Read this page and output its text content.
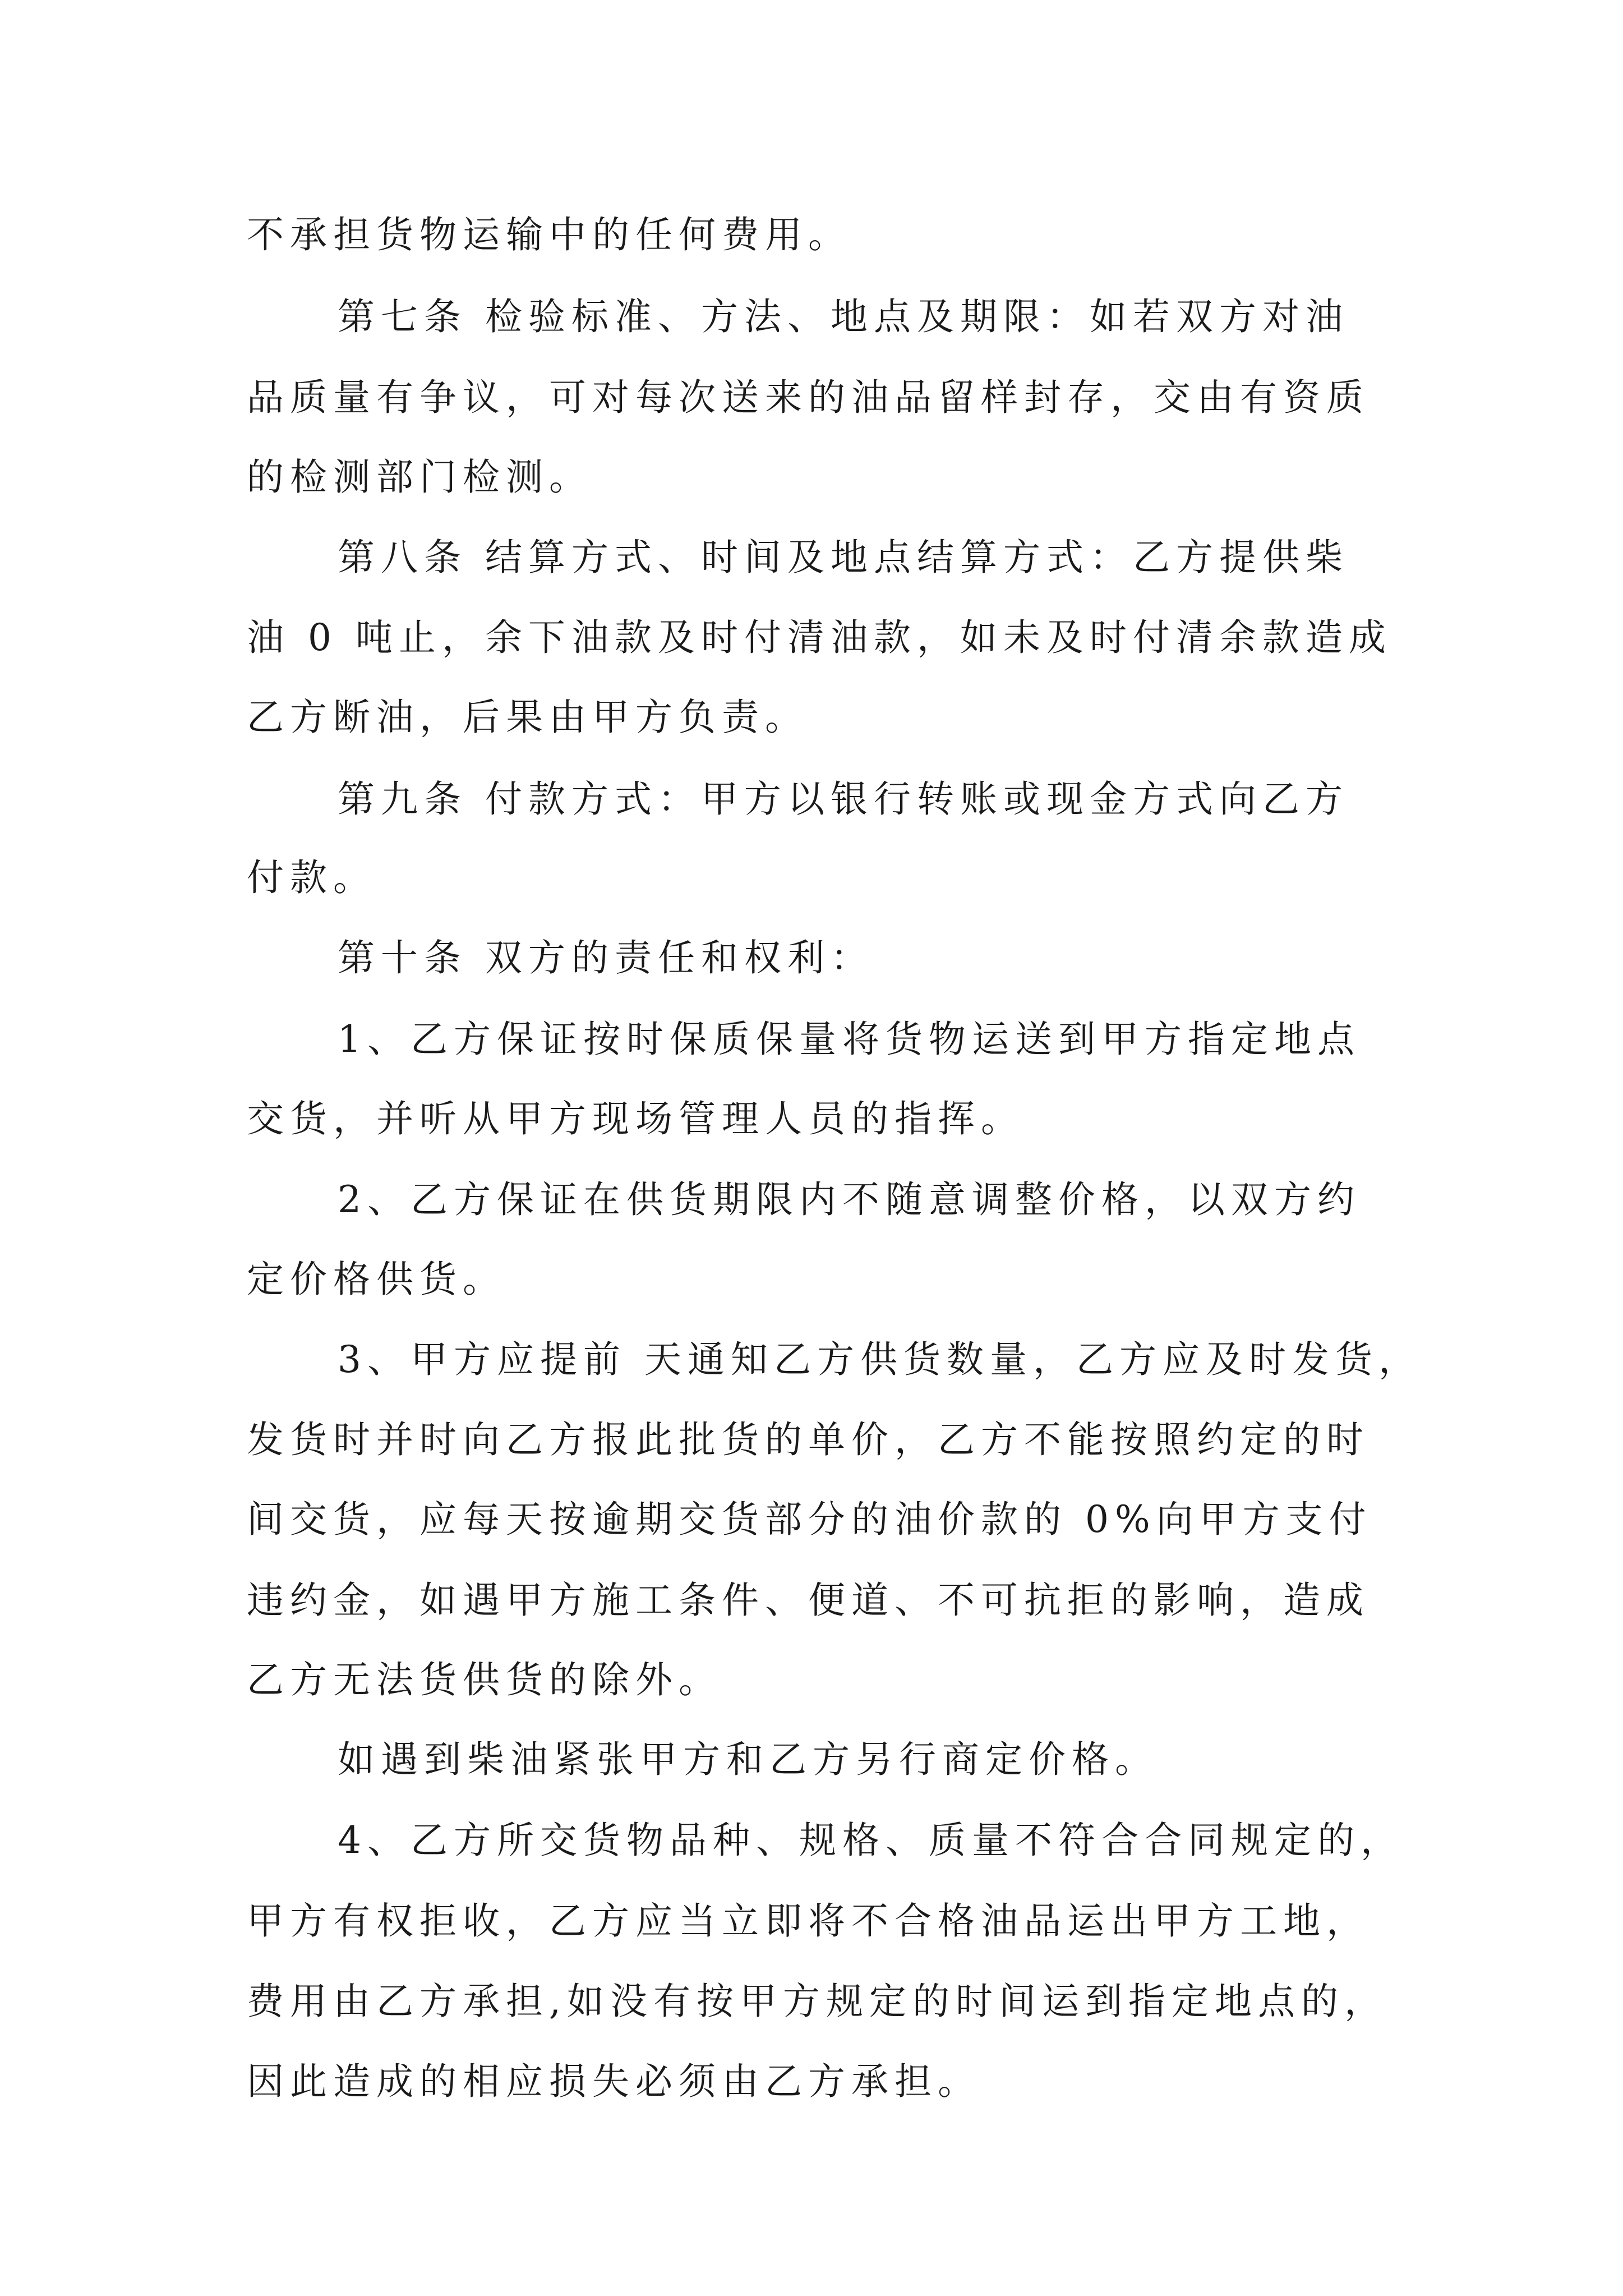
不承担货物运输中的任何费用。
第七条 检验标准、方法、地点及期限：如若双方对油
品质量有争议，可对每次送来的油品留样封存，交由有资质
的检测部门检测。
第八条 结算方式、时间及地点结算方式：乙方提供柴
油 0 吨止，余下油款及时付清油款，如未及时付清余款造成
乙方断油，后果由甲方负责。
第九条 付款方式：甲方以银行转账或现金方式向乙方
付款。
第十条 双方的责任和权利：
1、乙方保证按时保质保量将货物运送到甲方指定地点
交货，并听从甲方现场管理人员的指挥。
2、乙方保证在供货期限内不随意调整价格，以双方约
定价格供货。
3、甲方应提前 天通知乙方供货数量，乙方应及时发货，
发货时并时向乙方报此批货的单价，乙方不能按照约定的时
间交货，应每天按逾期交货部分的油价款的 0%向甲方支付
违约金，如遇甲方施工条件、便道、不可抗拒的影响，造成
乙方无法货供货的除外。
如遇到柴油紧张甲方和乙方另行商定价格。
4、乙方所交货物品种、规格、质量不符合合同规定的，
甲方有权拒收，乙方应当立即将不合格油品运出甲方工地，
费用由乙方承担,如没有按甲方规定的时间运到指定地点的，
因此造成的相应损失必须由乙方承担。
